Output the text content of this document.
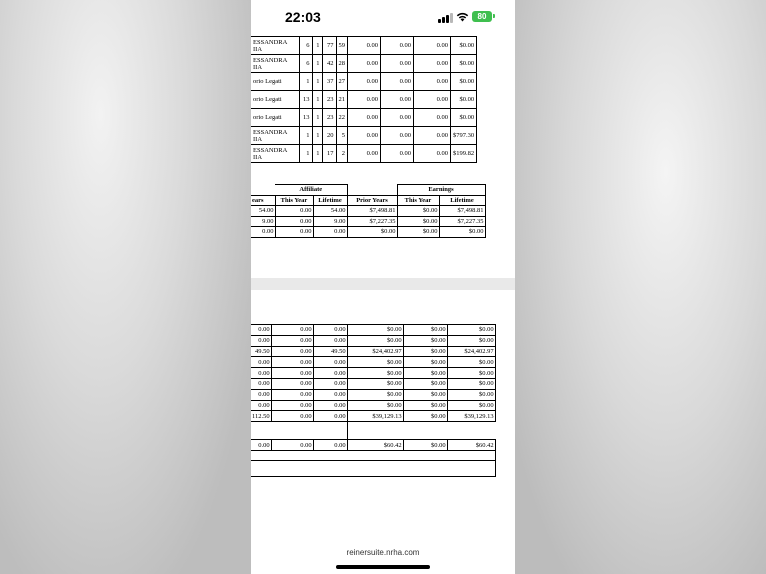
22:03	80
ESSANDRA IIA	6	1	77	59	0.00	0.00	0.00	$0.00
ESSANDRA IIA	6	1	42	28	0.00	0.00	0.00	$0.00
orio Legati	1	1	37	27	0.00	0.00	0.00	$0.00
orio Legati	13	1	23	21	0.00	0.00	0.00	$0.00
orio Legati	13	1	23	22	0.00	0.00	0.00	$0.00
ESSANDRA IIA	1	1	20	5	0.00	0.00	0.00	$797.30
ESSANDRA IIA	1	1	17	2	0.00	0.00	0.00	$199.82
	Affiliate			Earnings	
ears	This Year	Lifetime	Prior Years	This Year	Lifetime
54.00	0.00	54.00	$7,498.81	$0.00	$7,498.81
9.00	0.00	9.00	$7,227.35	$0.00	$7,227.35
0.00	0.00	0.00	$0.00	$0.00	$0.00
0.00	0.00	0.00	$0.00	$0.00	$0.00
0.00	0.00	0.00	$0.00	$0.00	$0.00
49.50	0.00	49.50	$24,402.97	$0.00	$24,402.97
0.00	0.00	0.00	$0.00	$0.00	$0.00
0.00	0.00	0.00	$0.00	$0.00	$0.00
0.00	0.00	0.00	$0.00	$0.00	$0.00
0.00	0.00	0.00	$0.00	$0.00	$0.00
0.00	0.00	0.00	$0.00	$0.00	$0.00
112.50	0.00	0.00	$39,129.13	$0.00	$39,129.13

0.00	0.00	0.00	$60.42	$0.00	$60.42

reinersuite.nrha.com
